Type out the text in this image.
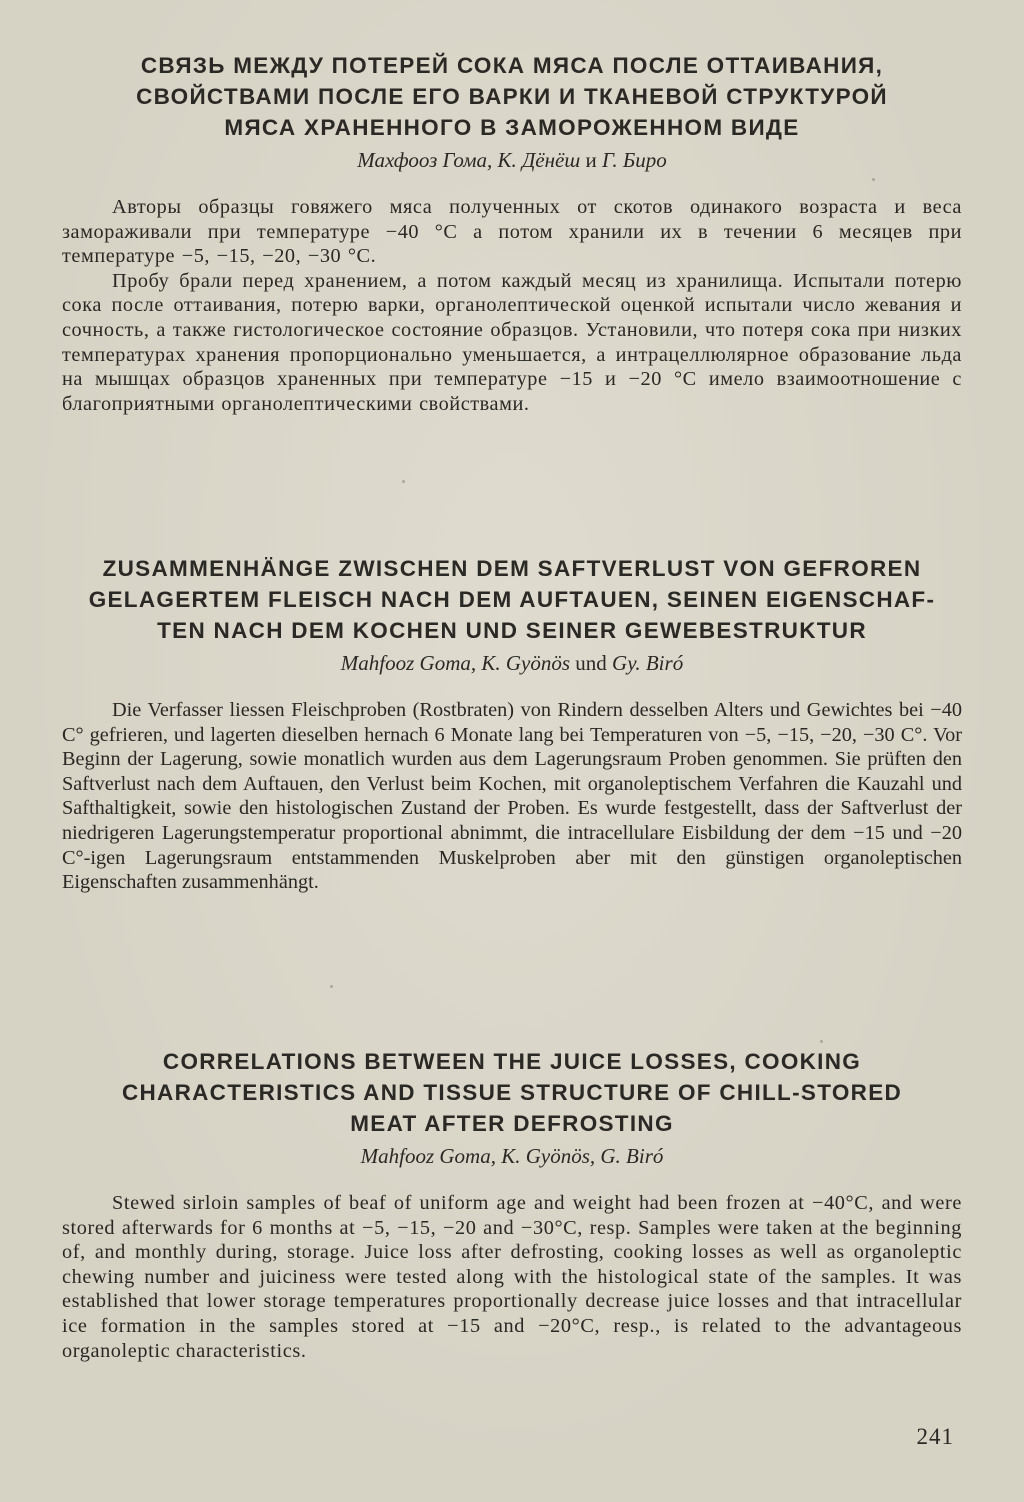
СВЯЗЬ МЕЖДУ ПОТЕРЕЙ СОКА МЯСА ПОСЛЕ ОТТАИВАНИЯ,
СВОЙСТВАМИ ПОСЛЕ ЕГО ВАРКИ И ТКАНЕВОЙ СТРУКТУРОЙ
МЯСА ХРАНЕННОГО В ЗАМОРОЖЕННОМ ВИДЕ
Махфооз Гома, К. Дёнёш и Г. Биро

Авторы образцы говяжего мяса полученных от скотов одинакого возраста и веса замораживали при температуре −40 °С а потом хранили их в течении 6 месяцев при температуре −5, −15, −20, −30 °С.

Пробу брали перед хранением, а потом каждый месяц из хранилища. Испытали потерю сока после оттаивания, потерю варки, органолептической оценкой испытали число жевания и сочность, а также гистологическое состояние образцов. Установили, что потеря сока при низких температурах хранения пропорционально уменьшается, а интрацеллюлярное образование льда на мышцах образцов храненных при температуре −15 и −20 °С имело взаимоотношение с благоприятными органолептическими свойствами.

ZUSAMMENHÄNGE ZWISCHEN DEM SAFTVERLUST VON GEFROREN
GELAGERTEM FLEISCH NACH DEM AUFTAUEN, SEINEN EIGENSCHAF-
TEN NACH DEM KOCHEN UND SEINER GEWEBESTRUKTUR
Mahfooz Goma, K. Gyönös und Gy. Biró

Die Verfasser liessen Fleischproben (Rostbraten) von Rindern desselben Alters und Gewichtes bei −40 C° gefrieren, und lagerten dieselben hernach 6 Monate lang bei Temperaturen von −5, −15, −20, −30 C°. Vor Beginn der Lagerung, sowie monatlich wurden aus dem Lagerungsraum Proben genommen. Sie prüften den Saftverlust nach dem Auftauen, den Verlust beim Kochen, mit organoleptischem Verfahren die Kauzahl und Safthaltigkeit, sowie den histologischen Zustand der Proben. Es wurde festgestellt, dass der Saftverlust der niedrigeren Lagerungstemperatur proportional abnimmt, die intracellulare Eisbildung der dem −15 und −20 C°-igen Lagerungsraum entstammenden Muskelproben aber mit den günstigen organoleptischen Eigenschaften zusammenhängt.

CORRELATIONS BETWEEN THE JUICE LOSSES, COOKING
CHARACTERISTICS AND TISSUE STRUCTURE OF CHILL-STORED
MEAT AFTER DEFROSTING
Mahfooz Goma, K. Gyönös, G. Biró

Stewed sirloin samples of beaf of uniform age and weight had been frozen at −40°C, and were stored afterwards for 6 months at −5, −15, −20 and −30°C, resp. Samples were taken at the beginning of, and monthly during, storage. Juice loss after defrosting, cooking losses as well as organoleptic chewing number and juiciness were tested along with the histological state of the samples. It was established that lower storage temperatures proportionally decrease juice losses and that intracellular ice formation in the samples stored at −15 and −20°C, resp., is related to the advantageous organoleptic characteristics.

241
